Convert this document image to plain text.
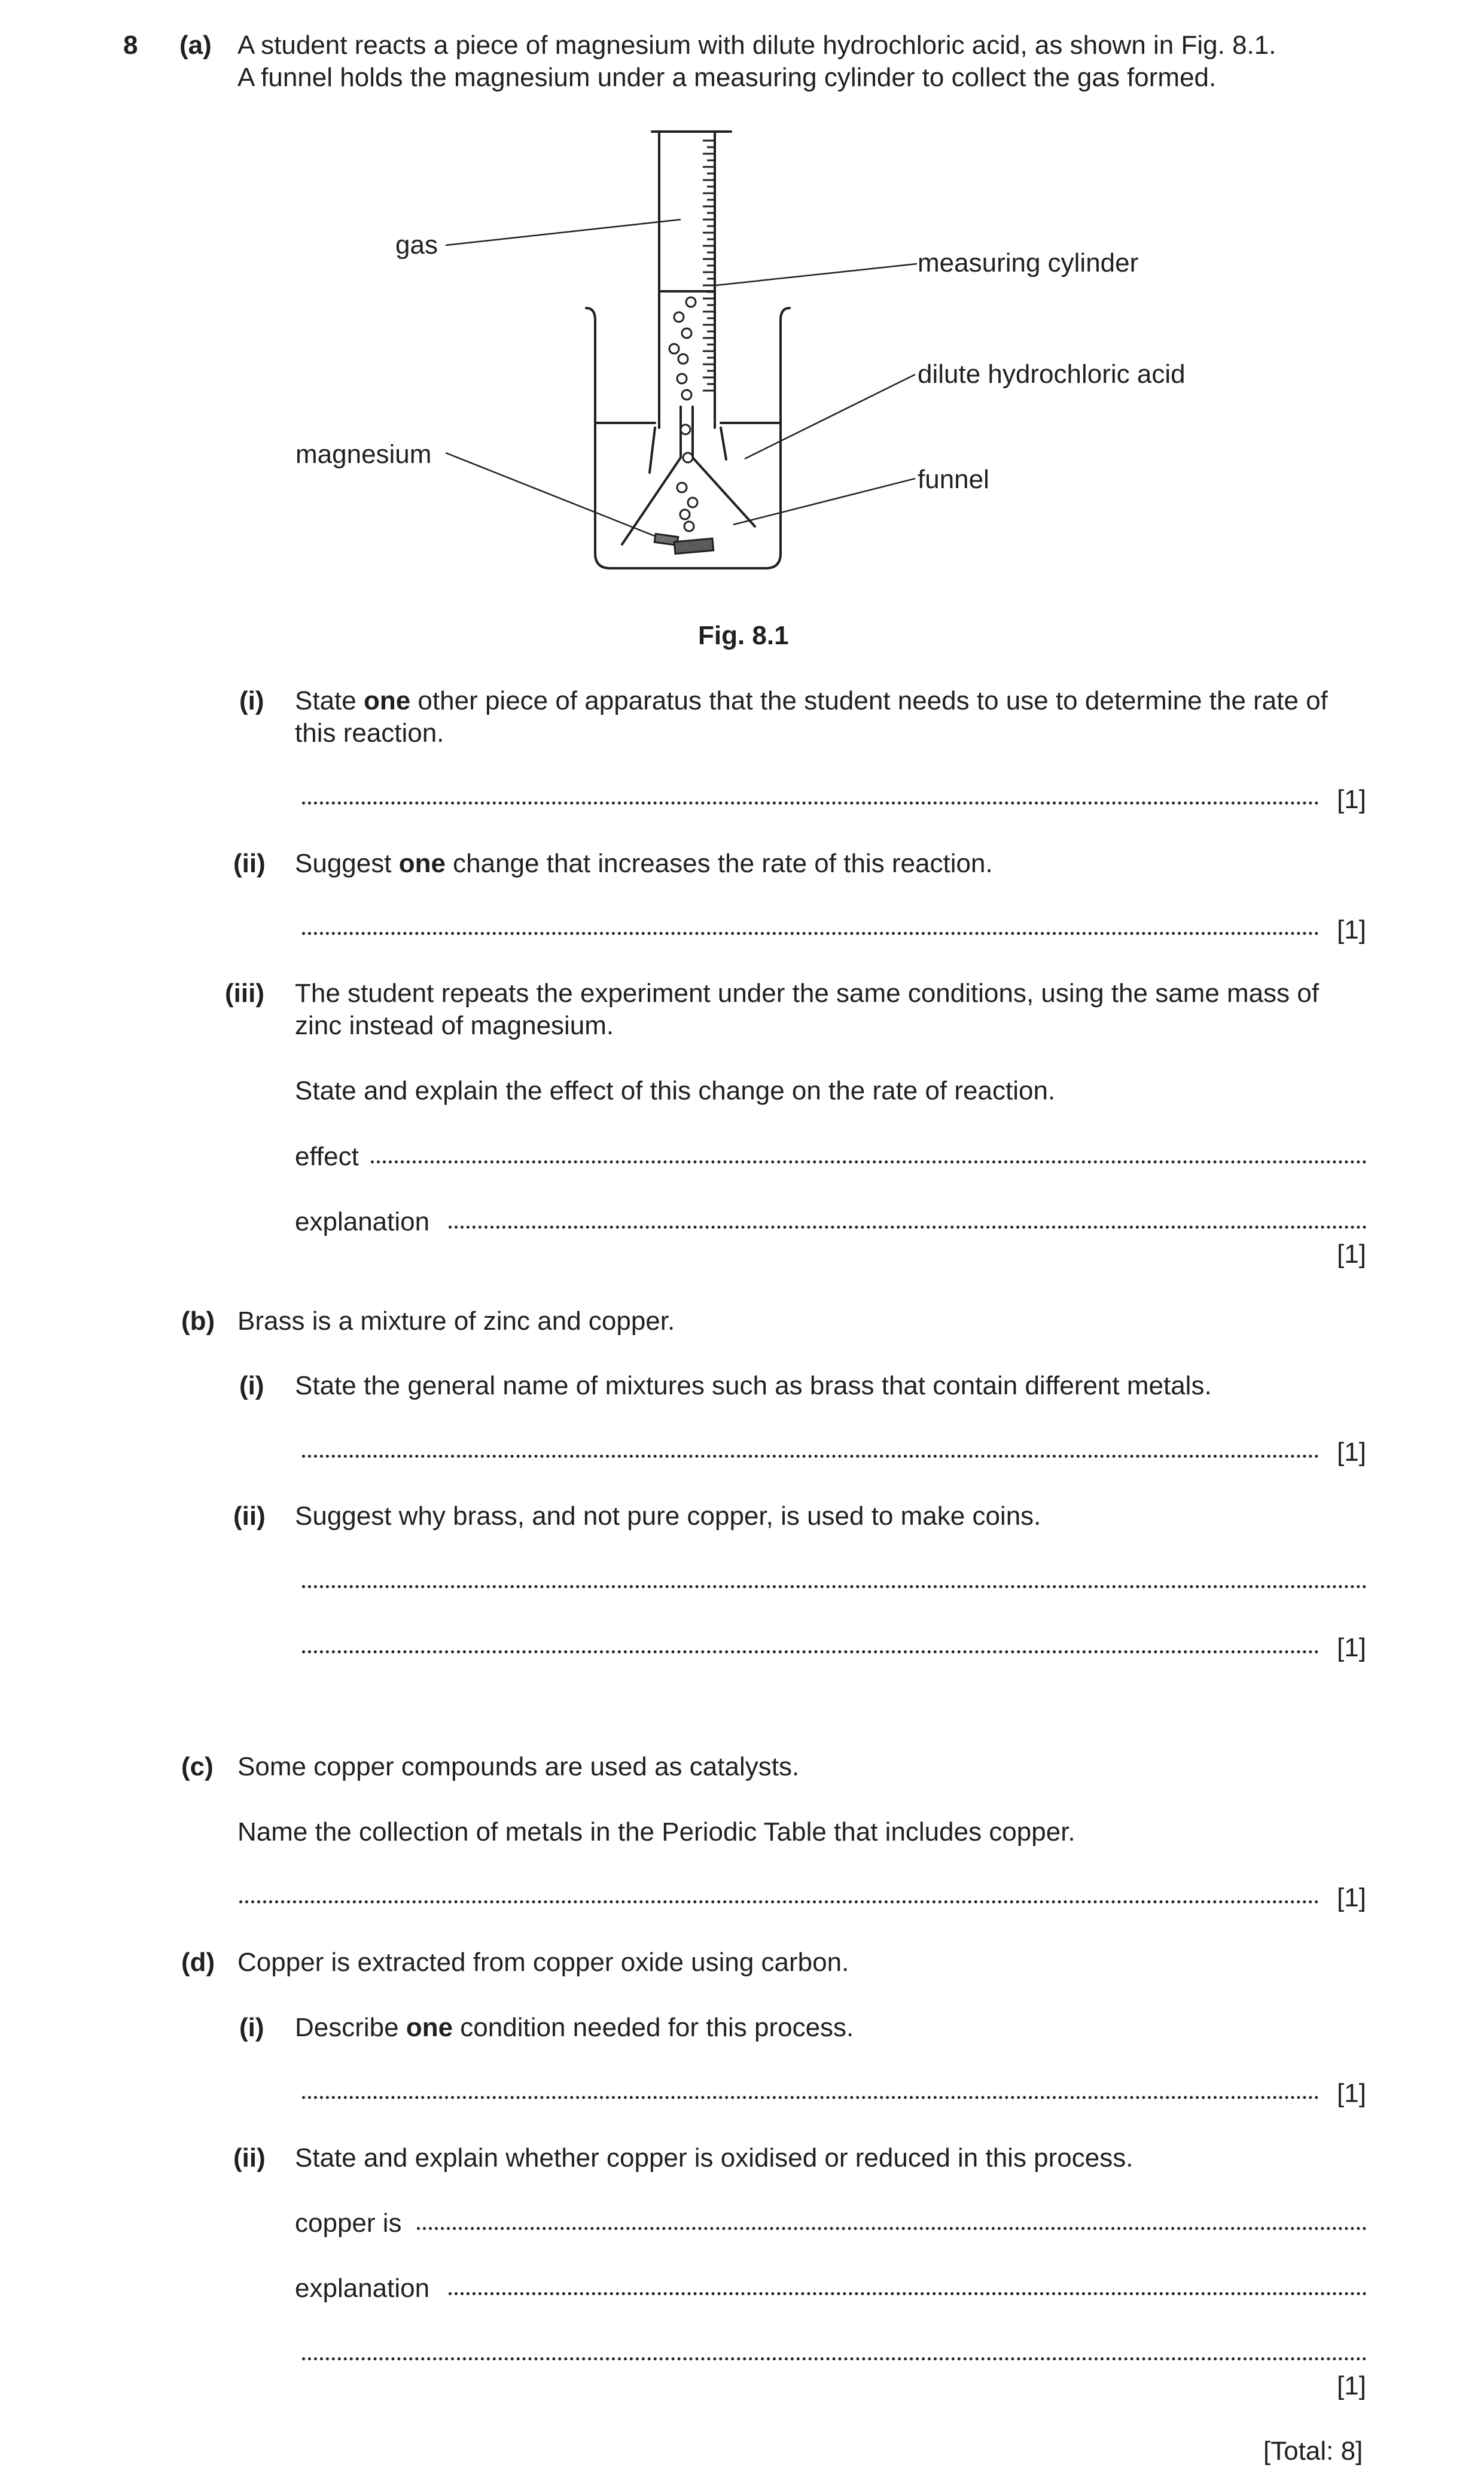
8 (a) A student reacts a piece of magnesium with dilute hydrochloric acid, as shown in Fig. 8.1.
A funnel holds the magnesium under a measuring cylinder to collect the gas formed.
gas
measuring cylinder
dilute hydrochloric acid
magnesium
funnel
Fig. 8.1
(i) State one other piece of apparatus that the student needs to use to determine the rate of
this reaction.
[1]
(ii) Suggest one change that increases the rate of this reaction.
[1]
(iii) The student repeats the experiment under the same conditions, using the same mass of
zinc instead of magnesium.
State and explain the effect of this change on the rate of reaction.
effect
explanation
[1]
(b) Brass is a mixture of zinc and copper.
(i) State the general name of mixtures such as brass that contain different metals.
[1]
(ii) Suggest why brass, and not pure copper, is used to make coins.
[1]
(c) Some copper compounds are used as catalysts.
Name the collection of metals in the Periodic Table that includes copper.
[1]
(d) Copper is extracted from copper oxide using carbon.
(i) Describe one condition needed for this process.
[1]
(ii) State and explain whether copper is oxidised or reduced in this process.
copper is
explanation
[1]
[Total: 8]
